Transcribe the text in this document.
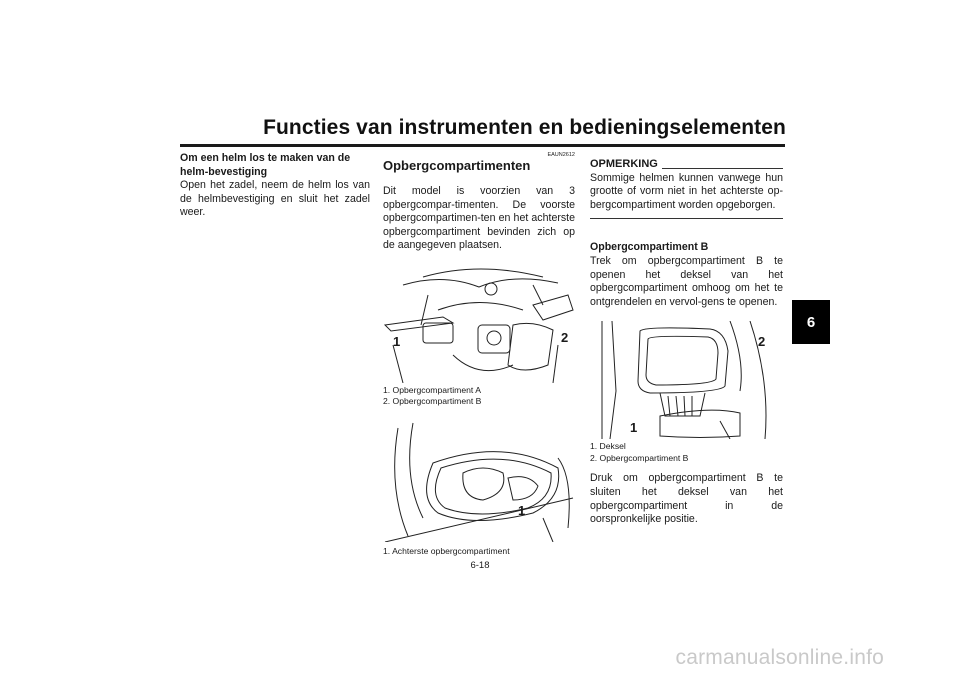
Functies van instrumenten en bedieningselementen
6
Om een helm los te maken van de helm-bevestiging
Open het zadel, neem de helm los van de helmbevestiging en sluit het zadel weer.
EAUN2612
Opbergcompartimenten
Dit model is voorzien van 3 opbergcompar-timenten. De voorste opbergcompartimen-ten en het achterste opbergcompartiment bevinden zich op de aangegeven plaatsen.
1	2
1. Opbergcompartiment A
2. Opbergcompartiment B
1
1. Achterste opbergcompartiment
OPMERKING
Sommige helmen kunnen vanwege hun grootte of vorm niet in het achterste op-bergcompartiment worden opgeborgen.
Opbergcompartiment B
Trek om opbergcompartiment B te openen het deksel van het opbergcompartiment omhoog om het te ontgrendelen en vervol-gens te openen.
1
2
1. Deksel
2. Opbergcompartiment B
Druk om opbergcompartiment B te sluiten het deksel van het opbergcompartiment in de oorspronkelijke positie.
6-18
carmanualsonline.info
